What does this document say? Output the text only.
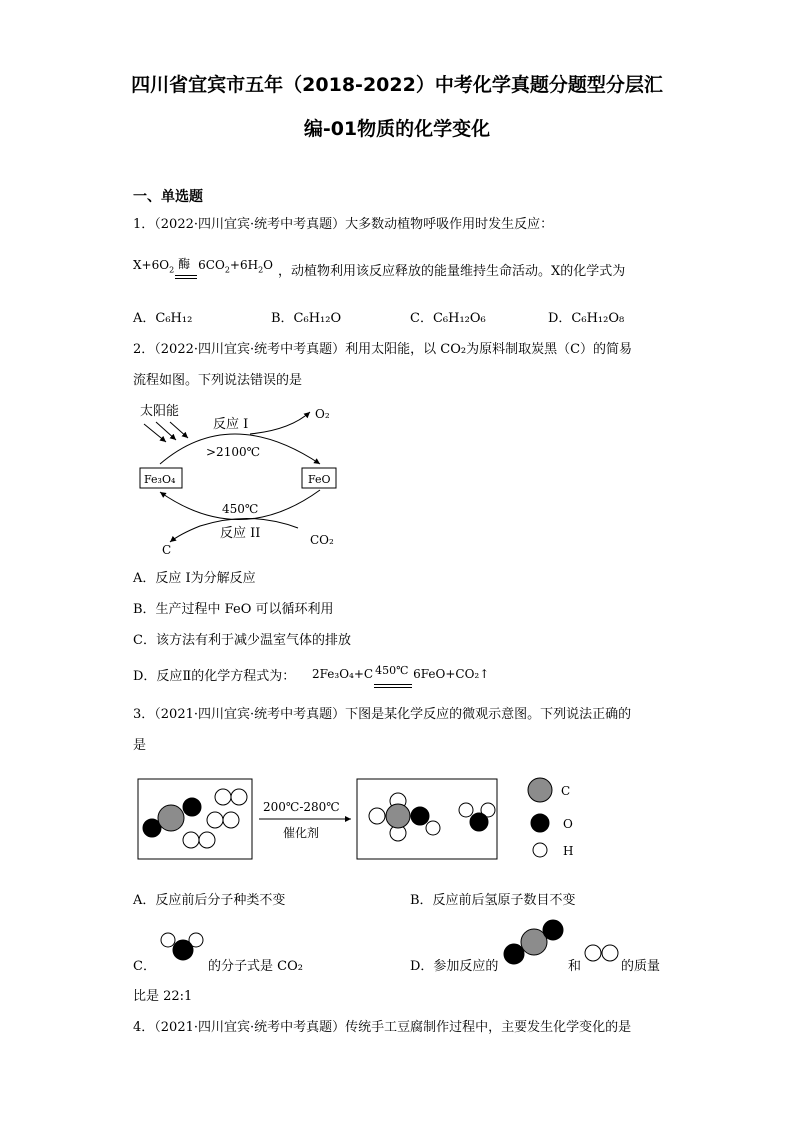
四川省宜宾市五年（2018-2022）中考化学真题分题型分层汇
编-01物质的化学变化
一、单选题
1．（2022·四川宜宾·统考中考真题）大多数动植物呼吸作用时发生反应：
$X+6O_2$ 酶 $6CO_2+6H_2O$ ，动植物利用该反应释放的能量维持生命活动。X的化学式为
A．C₆H₁₂	B．C₆H₁₂O	C．C₆H₁₂O₆	D．C₆H₁₂O₈
2．（2022·四川宜宾·统考中考真题）利用太阳能，以 CO₂为原料制取炭黑（C）的简易
流程如图。下列说法错误的是
太阳能
反应 I
O₂
>2100℃
Fe₃O₄	FeO
450℃
反应 II
C
CO₂
A．反应 I为分解反应
B．生产过程中 FeO 可以循环利用
C．该方法有利于减少温室气体的排放
D．反应Ⅱ的化学方程式为： 2Fe₃O₄+C 450℃ 6FeO+CO₂↑
3．（2021·四川宜宾·统考中考真题）下图是某化学反应的微观示意图。下列说法正确的
是
200℃-280℃
催化剂
C
O
H
A．反应前后分子种类不变	B．反应前后氢原子数目不变
C．	的分子式是 CO₂	D．参加反应的	和	的质量
比是 22:1
4．（2021·四川宜宾·统考中考真题）传统手工豆腐制作过程中，主要发生化学变化的是
